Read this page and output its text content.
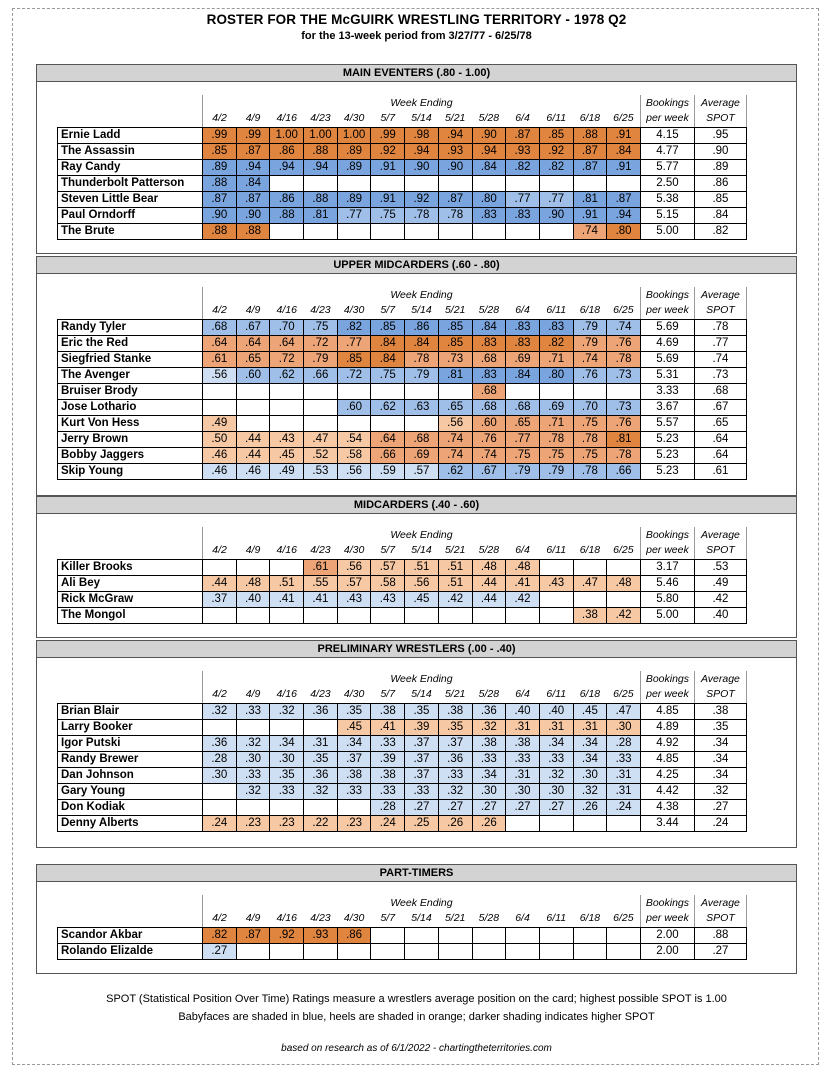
ROSTER FOR THE McGUIRK WRESTLING TERRITORY - 1978 Q2
for the 13-week period from 3/27/77 - 6/25/78
MAIN EVENTERS (.80 - 1.00)
	Week Ending													Bookings	Average
	4/2	4/9	4/16	4/23	4/30	5/7	5/14	5/21	5/28	6/4	6/11	6/18	6/25	per week	SPOT
Ernie Ladd	.99	.99	1.00	1.00	1.00	.99	.98	.94	.90	.87	.85	.88	.91	4.15	.95
The Assassin	.85	.87	.86	.88	.89	.92	.94	.93	.94	.93	.92	.87	.84	4.77	.90
Ray Candy	.89	.94	.94	.94	.89	.91	.90	.90	.84	.82	.82	.87	.91	5.77	.89
Thunderbolt Patterson	.88	.84												2.50	.86
Steven Little Bear	.87	.87	.86	.88	.89	.91	.92	.87	.80	.77	.77	.81	.87	5.38	.85
Paul Orndorff	.90	.90	.88	.81	.77	.75	.78	.78	.83	.83	.90	.91	.94	5.15	.84
The Brute	.88	.88										.74	.80	5.00	.82
UPPER MIDCARDERS (.60 - .80)
	Week Ending													Bookings	Average
	4/2	4/9	4/16	4/23	4/30	5/7	5/14	5/21	5/28	6/4	6/11	6/18	6/25	per week	SPOT
Randy Tyler	.68	.67	.70	.75	.82	.85	.86	.85	.84	.83	.83	.79	.74	5.69	.78
Eric the Red	.64	.64	.64	.72	.77	.84	.84	.85	.83	.83	.82	.79	.76	4.69	.77
Siegfried Stanke	.61	.65	.72	.79	.85	.84	.78	.73	.68	.69	.71	.74	.78	5.69	.74
The Avenger	.56	.60	.62	.66	.72	.75	.79	.81	.83	.84	.80	.76	.73	5.31	.73
Bruiser Brody									.68					3.33	.68
Jose Lothario					.60	.62	.63	.65	.68	.68	.69	.70	.73	3.67	.67
Kurt Von Hess	.49							.56	.60	.65	.71	.75	.76	5.57	.65
Jerry Brown	.50	.44	.43	.47	.54	.64	.68	.74	.76	.77	.78	.78	.81	5.23	.64
Bobby Jaggers	.46	.44	.45	.52	.58	.66	.69	.74	.74	.75	.75	.75	.78	5.23	.64
Skip Young	.46	.46	.49	.53	.56	.59	.57	.62	.67	.79	.79	.78	.66	5.23	.61
MIDCARDERS (.40 - .60)
	Week Ending													Bookings	Average
	4/2	4/9	4/16	4/23	4/30	5/7	5/14	5/21	5/28	6/4	6/11	6/18	6/25	per week	SPOT
Killer Brooks				.61	.56	.57	.51	.51	.48	.48				3.17	.53
Ali Bey	.44	.48	.51	.55	.57	.58	.56	.51	.44	.41	.43	.47	.48	5.46	.49
Rick McGraw	.37	.40	.41	.41	.43	.43	.45	.42	.44	.42				5.80	.42
The Mongol												.38	.42	5.00	.40
PRELIMINARY WRESTLERS (.00 - .40)
	Week Ending													Bookings	Average
	4/2	4/9	4/16	4/23	4/30	5/7	5/14	5/21	5/28	6/4	6/11	6/18	6/25	per week	SPOT
Brian Blair	.32	.33	.32	.36	.35	.38	.35	.38	.36	.40	.40	.45	.47	4.85	.38
Larry Booker					.45	.41	.39	.35	.32	.31	.31	.31	.30	4.89	.35
Igor Putski	.36	.32	.34	.31	.34	.33	.37	.37	.38	.38	.34	.34	.28	4.92	.34
Randy Brewer	.28	.30	.30	.35	.37	.39	.37	.36	.33	.33	.33	.34	.33	4.85	.34
Dan Johnson	.30	.33	.35	.36	.38	.38	.37	.33	.34	.31	.32	.30	.31	4.25	.34
Gary Young		.32	.33	.32	.33	.33	.33	.32	.30	.30	.30	.32	.31	4.42	.32
Don Kodiak						.28	.27	.27	.27	.27	.27	.26	.24	4.38	.27
Denny Alberts	.24	.23	.23	.22	.23	.24	.25	.26	.26					3.44	.24
PART-TIMERS
	Week Ending													Bookings	Average
	4/2	4/9	4/16	4/23	4/30	5/7	5/14	5/21	5/28	6/4	6/11	6/18	6/25	per week	SPOT
Scandor Akbar	.82	.87	.92	.93	.86									2.00	.88
Rolando Elizalde	.27													2.00	.27
SPOT (Statistical Position Over Time) Ratings measure a wrestlers average position on the card; highest possible SPOT is 1.00
Babyfaces are shaded in blue, heels are shaded in orange; darker shading indicates higher SPOT
based on research as of 6/1/2022 - chartingtheterritories.com
